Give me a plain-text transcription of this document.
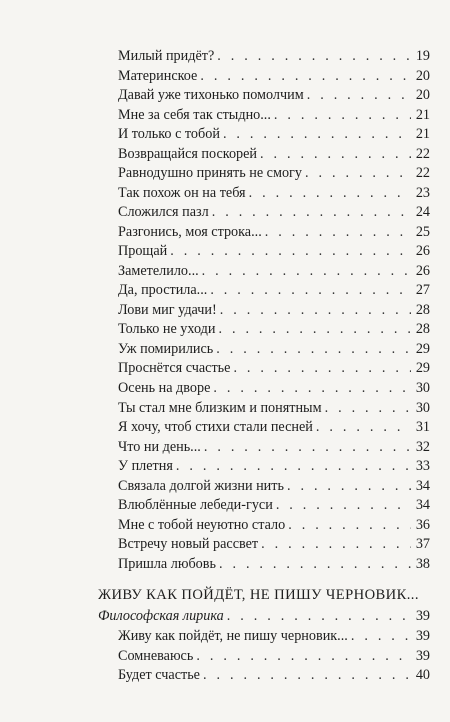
Милый придёт? . . .	19
Материнское . . .	20
Давай уже тихонько помолчим . . .	20
Мне за себя так стыдно... . . .	21
И только с тобой . . .	21
Возвращайся поскорей . . .	22
Равнодушно принять не смогу . . .	22
Так похож он на тебя . . .	23
Сложился пазл . . .	24
Разгонись, моя строка... . . .	25
Прощай . . .	26
Заметелило... . . .	26
Да, простила... . . .	27
Лови миг удачи! . . .	28
Только не уходи . . .	28
Уж помирились . . .	29
Проснётся счастье . . .	29
Осень на дворе . . .	30
Ты стал мне близким и понятным . . .	30
Я хочу, чтоб стихи стали песней . . .	31
Что ни день... . . .	32
У плетня . . .	33
Связала долгой жизни нить . . .	34
Влюблённые лебеди-гуси . . .	34
Мне с тобой неуютно стало . . .	36
Встречу новый рассвет . . .	37
Пришла любовь . . .	38
ЖИВУ КАК ПОЙДЁТ, НЕ ПИШУ ЧЕРНОВИК...
Философская лирика . . .	39
Живу как пойдёт, не пишу черновик... . . .	39
Сомневаюсь . . .	39
Будет счастье . . .	40
